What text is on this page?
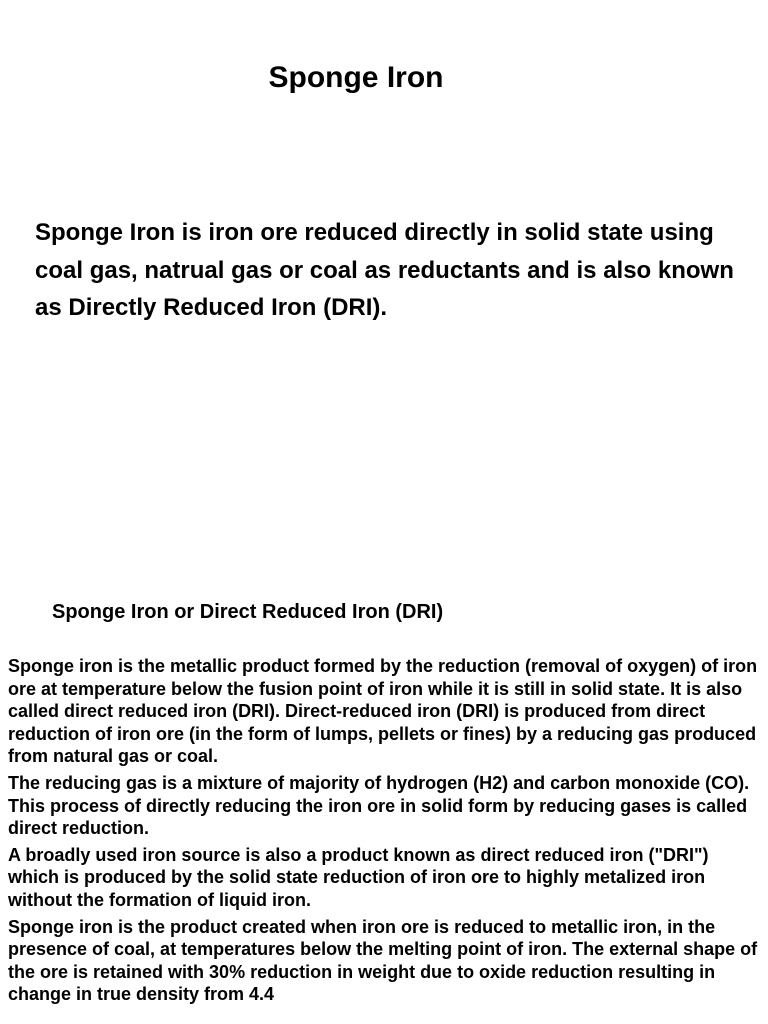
Sponge Iron

Sponge Iron is iron ore reduced directly in solid state using coal gas, natrual gas or coal as reductants and is also known as Directly Reduced Iron (DRI).

Sponge Iron or Direct Reduced Iron (DRI)

Sponge iron is the metallic product formed by the reduction (removal of oxygen) of iron ore at temperature below the fusion point of iron while it is still in solid state. It is also called direct reduced iron (DRI). Direct-reduced iron (DRI) is produced from direct reduction of iron ore (in the form of lumps, pellets or fines) by a reducing gas produced from natural gas or coal.

The reducing gas is a mixture of majority of hydrogen (H2) and carbon monoxide (CO). This process of directly reducing the iron ore in solid form by reducing gases is called direct reduction.

A broadly used iron source is also a product known as direct reduced iron ("DRI") which is produced by the solid state reduction of iron ore to highly metalized iron without the formation of liquid iron.

Sponge iron is the product created when iron ore is reduced to metallic iron, in the presence of coal, at temperatures below the melting point of iron. The external shape of the ore is retained with 30% reduction in weight due to oxide reduction resulting in change in true density from 4.4
